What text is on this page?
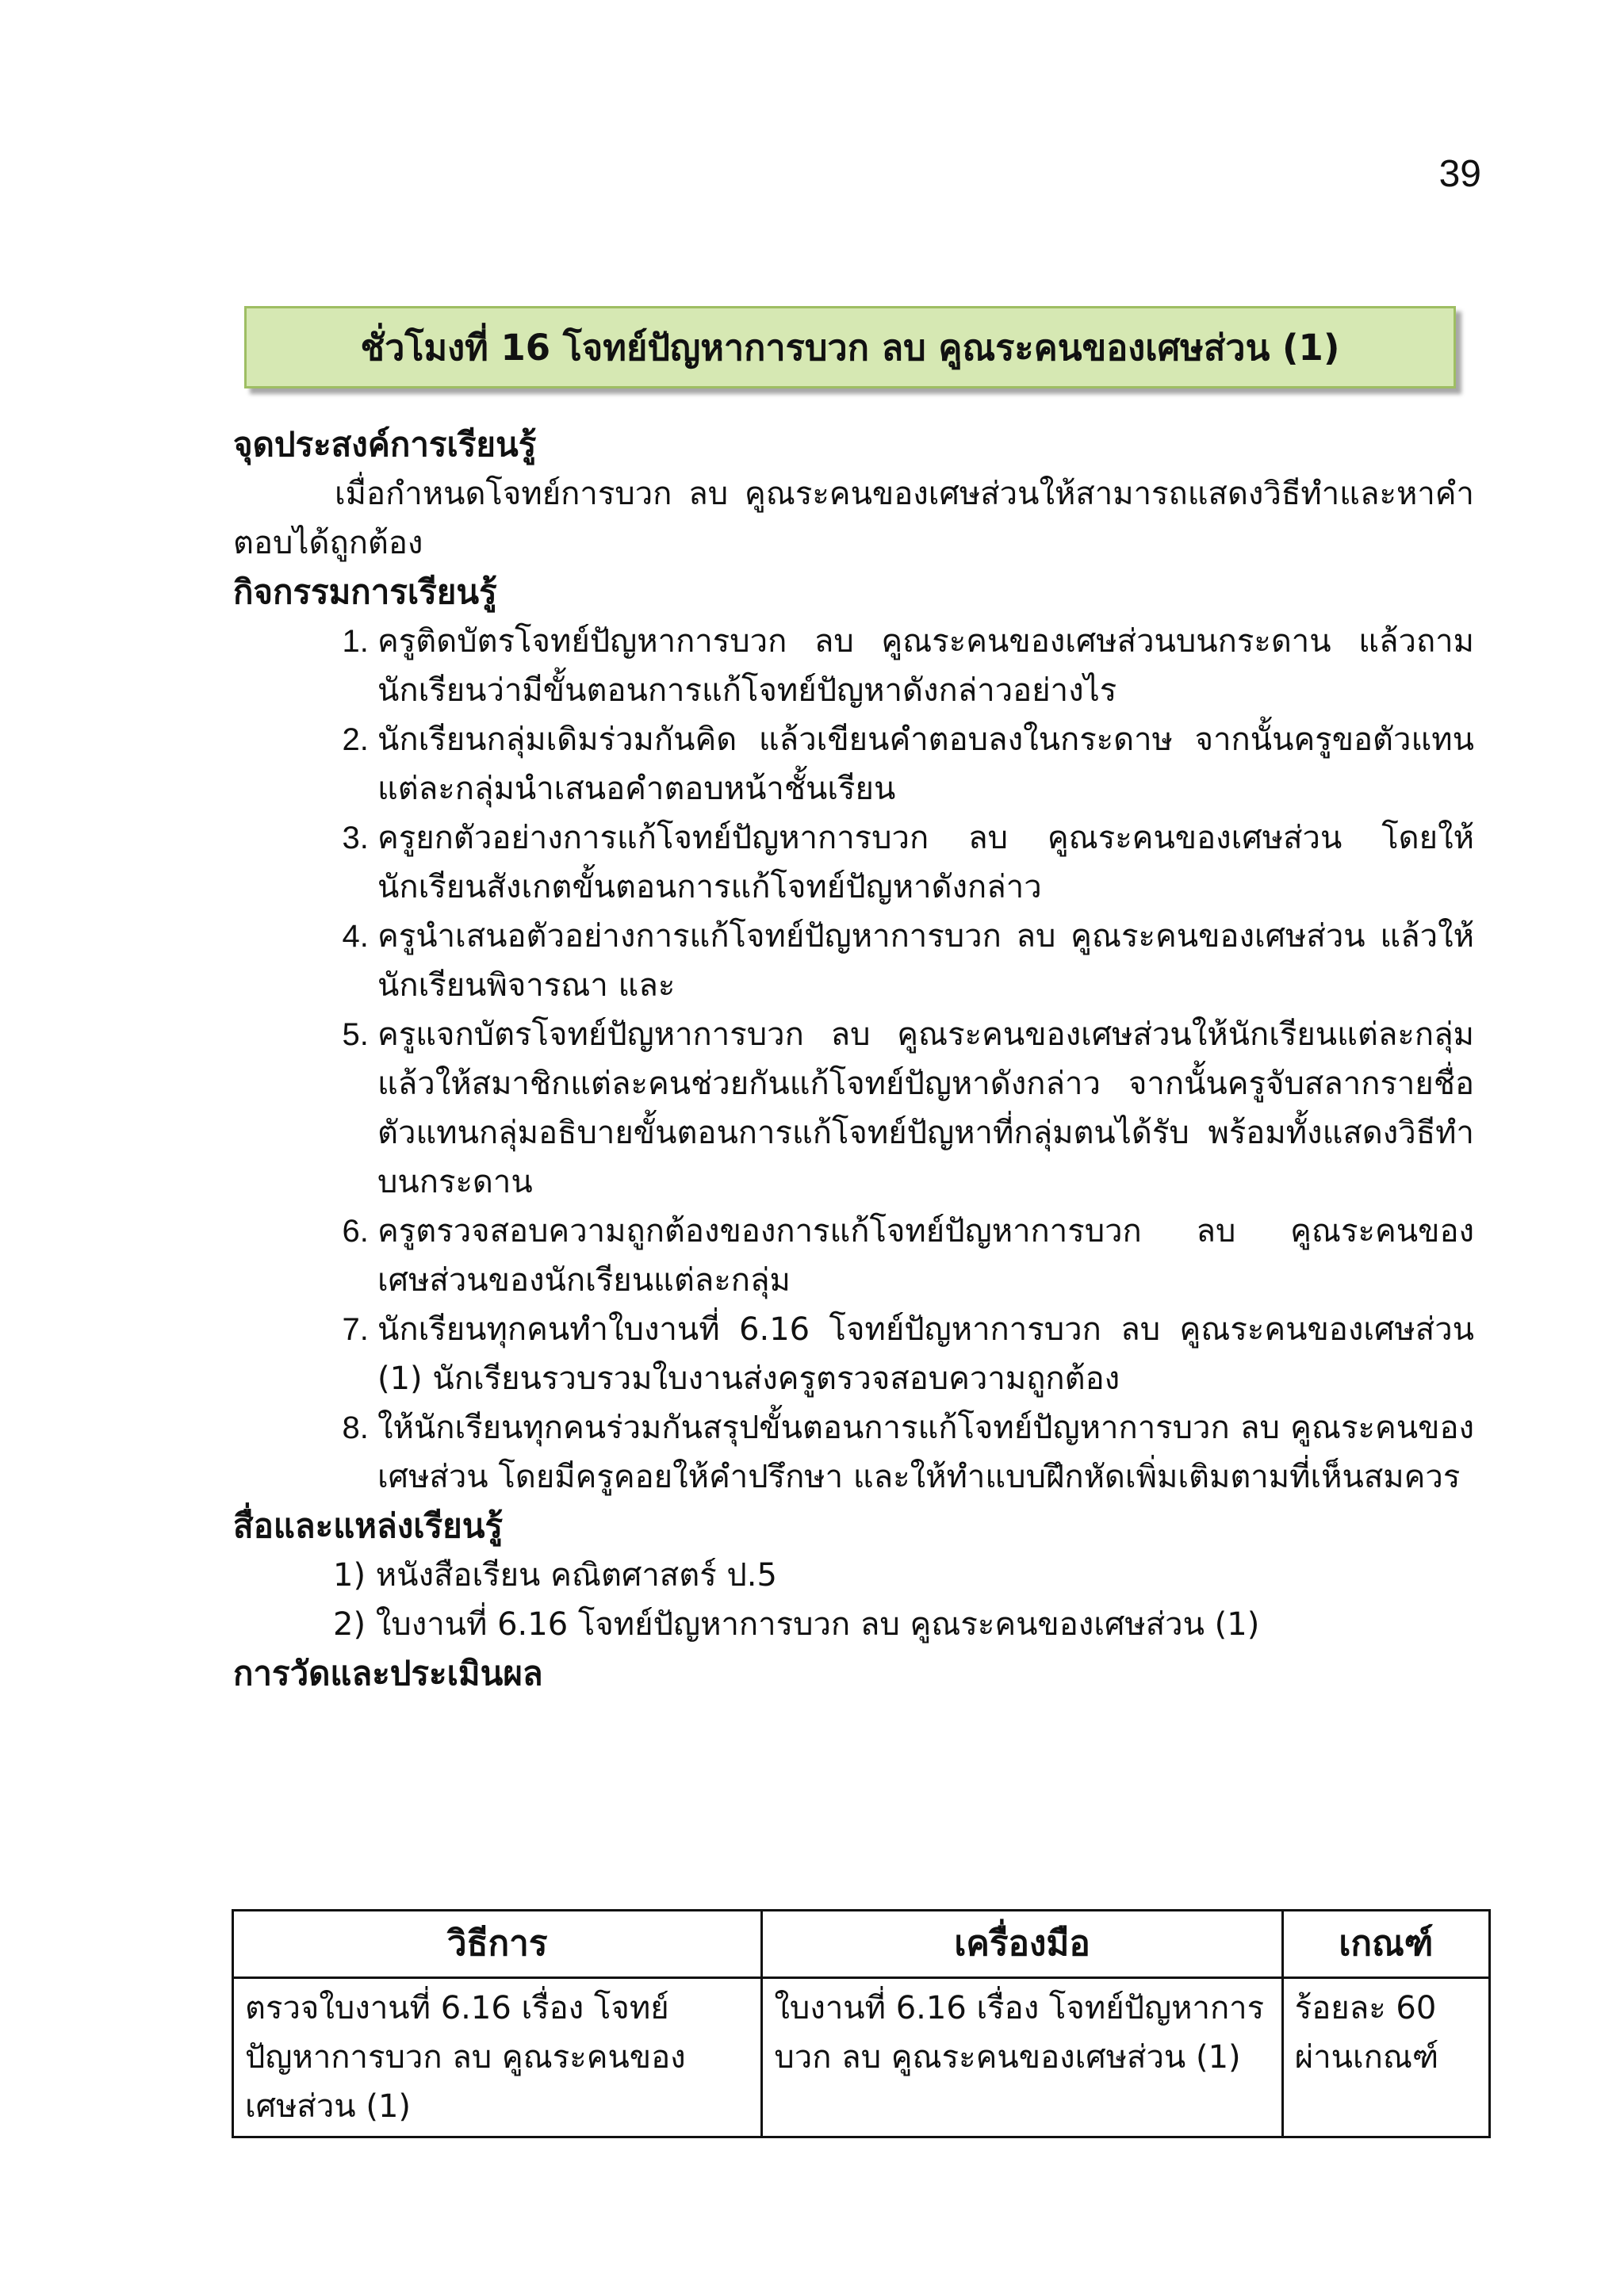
39
ชั่วโมงที่ 16 โจทย์ปัญหาการบวก ลบ คูณระคนของเศษส่วน (1)
จุดประสงค์การเรียนรู้
เมื่อกำหนดโจทย์การบวก ลบ คูณระคนของเศษส่วนให้สามารถแสดงวิธีทำและหาคำตอบได้ถูกต้อง
กิจกรรมการเรียนรู้
1. ครูติดบัตรโจทย์ปัญหาการบวก ลบ คูณระคนของเศษส่วนบนกระดาน แล้วถามนักเรียนว่ามีขั้นตอนการแก้โจทย์ปัญหาดังกล่าวอย่างไร
2. นักเรียนกลุ่มเดิมร่วมกันคิด แล้วเขียนคำตอบลงในกระดาษ จากนั้นครูขอตัวแทนแต่ละกลุ่มนำเสนอคำตอบหน้าชั้นเรียน
3. ครูยกตัวอย่างการแก้โจทย์ปัญหาการบวก ลบ คูณระคนของเศษส่วน โดยให้นักเรียนสังเกตขั้นตอนการแก้โจทย์ปัญหาดังกล่าว
4. ครูนำเสนอตัวอย่างการแก้โจทย์ปัญหาการบวก ลบ คูณระคนของเศษส่วน แล้วให้นักเรียนพิจารณา และ
5. ครูแจกบัตรโจทย์ปัญหาการบวก ลบ คูณระคนของเศษส่วนให้นักเรียนแต่ละกลุ่ม แล้วให้สมาชิกแต่ละคนช่วยกันแก้โจทย์ปัญหาดังกล่าว จากนั้นครูจับสลากรายชื่อตัวแทนกลุ่มอธิบายขั้นตอนการแก้โจทย์ปัญหาที่กลุ่มตนได้รับ พร้อมทั้งแสดงวิธีทำบนกระดาน
6. ครูตรวจสอบความถูกต้องของการแก้โจทย์ปัญหาการบวก ลบ คูณระคนของเศษส่วนของนักเรียนแต่ละกลุ่ม
7. นักเรียนทุกคนทำใบงานที่ 6.16 โจทย์ปัญหาการบวก ลบ คูณระคนของเศษส่วน (1) นักเรียนรวบรวมใบงานส่งครูตรวจสอบความถูกต้อง
8. ให้นักเรียนทุกคนร่วมกันสรุปขั้นตอนการแก้โจทย์ปัญหาการบวก ลบ คูณระคนของเศษส่วน โดยมีครูคอยให้คำปรึกษา และให้ทำแบบฝึกหัดเพิ่มเติมตามที่เห็นสมควร
สื่อและแหล่งเรียนรู้
1) หนังสือเรียน คณิตศาสตร์ ป.5
2) ใบงานที่ 6.16 โจทย์ปัญหาการบวก ลบ คูณระคนของเศษส่วน (1)
การวัดและประเมินผล
วิธีการ	เครื่องมือ	เกณฑ์
ตรวจใบงานที่ 6.16 เรื่อง โจทย์ปัญหาการบวก ลบ คูณระคนของเศษส่วน (1)	ใบงานที่ 6.16 เรื่อง โจทย์ปัญหาการบวก ลบ คูณระคนของเศษส่วน (1)	ร้อยละ 60 ผ่านเกณฑ์
